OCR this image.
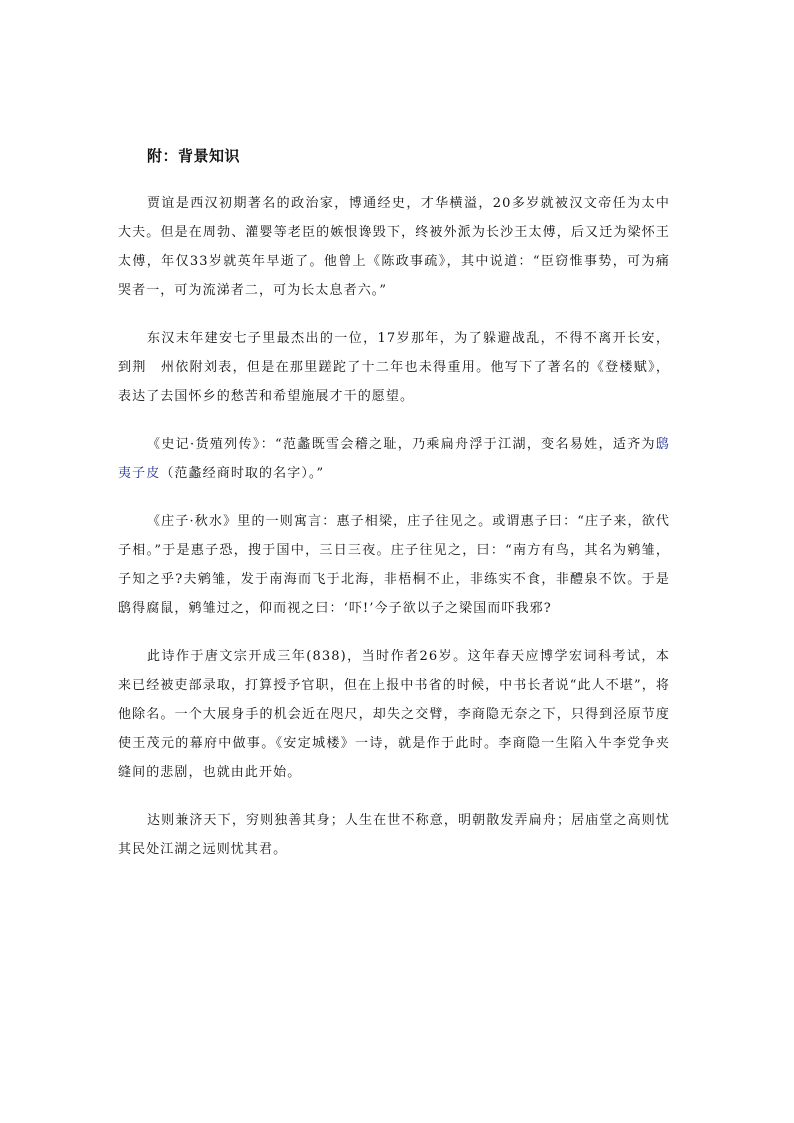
附：背景知识

贾谊是西汉初期著名的政治家，博通经史，才华横溢，20多岁就被汉文帝任为太中大夫。但是在周勃、灌婴等老臣的嫉恨谗毁下，终被外派为长沙王太傅，后又迁为梁怀王太傅，年仅33岁就英年早逝了。他曾上《陈政事疏》，其中说道：“臣窃惟事势，可为痛哭者一，可为流涕者二，可为长太息者六。”

东汉末年建安七子里最杰出的一位，17岁那年，为了躲避战乱，不得不离开长安，到荆　州依附刘表，但是在那里蹉跎了十二年也未得重用。他写下了著名的《登楼赋》，表达了去国怀乡的愁苦和希望施展才干的愿望。

《史记·货殖列传》：“范蠡既雪会稽之耻，乃乘扁舟浮于江湖，变名易姓，适齐为鸱夷子皮（范蠡经商时取的名字）。”

《庄子·秋水》里的一则寓言：惠子相梁，庄子往见之。或谓惠子曰：“庄子来，欲代子相。”于是惠子恐，搜于国中，三日三夜。庄子往见之，曰：“南方有鸟，其名为鹓雏，子知之乎?夫鹓雏，发于南海而飞于北海，非梧桐不止，非练实不食，非醴泉不饮。于是鸱得腐鼠，鹓雏过之，仰而视之曰：‘吓!’今子欲以子之梁国而吓我邪?

此诗作于唐文宗开成三年(838)，当时作者26岁。这年春天应博学宏词科考试，本来已经被吏部录取，打算授予官职，但在上报中书省的时候，中书长者说“此人不堪”，将他除名。一个大展身手的机会近在咫尺，却失之交臂，李商隐无奈之下，只得到泾原节度使王茂元的幕府中做事。《安定城楼》一诗，就是作于此时。李商隐一生陷入牛李党争夹缝间的悲剧，也就由此开始。

达则兼济天下，穷则独善其身；人生在世不称意，明朝散发弄扁舟；居庙堂之高则忧其民处江湖之远则忧其君。
